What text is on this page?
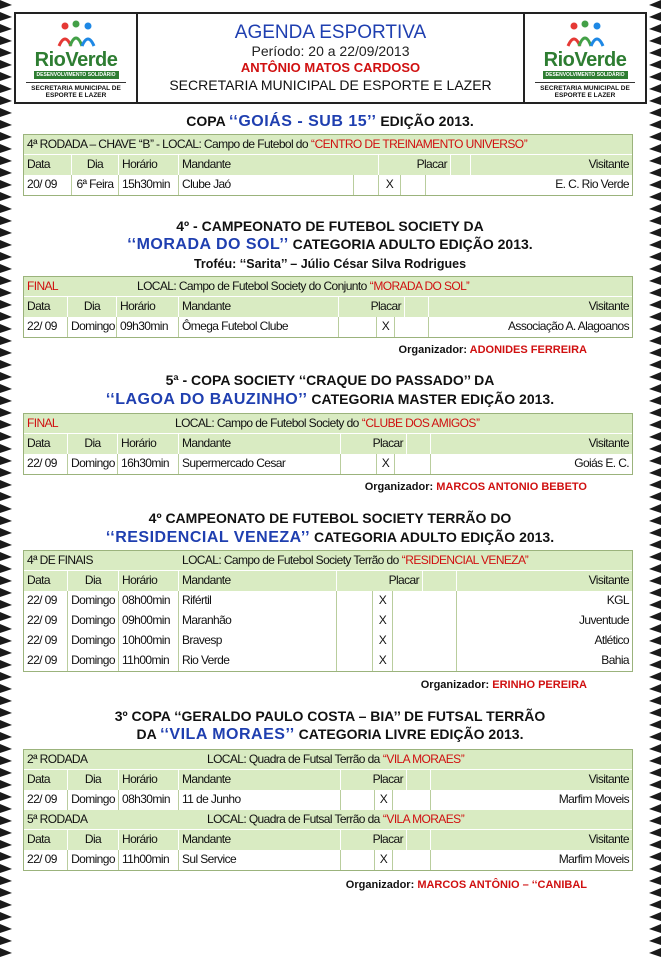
RioVerde
DESENVOLVIMENTO SOLIDÁRIO
SECRETARIA MUNICIPAL DE ESPORTE E LAZER
AGENDA ESPORTIVA
Período: 20 a 22/09/2013
ANTÔNIO MATOS CARDOSO
SECRETARIA MUNICIPAL DE ESPORTE E LAZER
RioVerde
DESENVOLVIMENTO SOLIDÁRIO
SECRETARIA MUNICIPAL DE ESPORTE E LAZER
COPA ‘‘GOIÁS - SUB 15’’ EDIÇÃO 2013.
4ª RODADA – CHAVE ‘‘B’’ - LOCAL: Campo de Futebol do ‘‘CENTRO DE TREINAMENTO UNIVERSO’’
Data	Dia	Horário	Mandante	Placar	Visitante
20/ 09	6ª Feira 15h30min	Clube Jaó	X	E. C. Rio Verde
4º - CAMPEONATO DE FUTEBOL SOCIETY DA
‘‘MORADA DO SOL’’ CATEGORIA ADULTO EDIÇÃO 2013.
Troféu: ‘‘Sarita’’ – Júlio César Silva Rodrigues
FINAL	LOCAL: Campo de Futebol Society do Conjunto ‘‘MORADA DO SOL’’
Data	Dia	Horário	Mandante	Placar	Visitante
22/ 09	Domingo 09h30min	Ômega Futebol Clube	X	Associação A. Alagoanos
Organizador: ADONIDES FERREIRA
5ª - COPA SOCIETY ‘‘CRAQUE DO PASSADO’’ DA
‘‘LAGOA DO BAUZINHO’’ CATEGORIA MASTER EDIÇÃO 2013.
FINAL	LOCAL: Campo de Futebol Society do ‘‘CLUBE DOS AMIGOS’’
Data	Dia	Horário	Mandante	Placar	Visitante
22/ 09	Domingo 16h30min	Supermercado Cesar	X	Goiás E. C.
Organizador: MARCOS ANTONIO BEBETO
4º CAMPEONATO DE FUTEBOL SOCIETY TERRÃO DO
‘‘RESIDENCIAL VENEZA’’ CATEGORIA ADULTO EDIÇÃO 2013.
4ª DE FINAIS	LOCAL: Campo de Futebol Society Terrão do ‘‘RESIDENCIAL VENEZA’’
Data	Dia	Horário	Mandante	Placar	Visitante
22/ 09	Domingo 08h00min	Rifértil	X	KGL
22/ 09	Domingo 09h00min	Maranhão	X	Juventude
22/ 09	Domingo 10h00min	Bravesp	X	Atlético
22/ 09	Domingo 11h00min	Rio Verde	X	Bahia
Organizador: ERINHO PEREIRA
3º COPA ‘‘GERALDO PAULO COSTA – BIA’’ DE FUTSAL TERRÃO
DA ‘‘VILA MORAES’’ CATEGORIA LIVRE EDIÇÃO 2013.
2ª RODADA	LOCAL: Quadra de Futsal Terrão da ‘‘VILA MORAES’’
Data	Dia	Horário	Mandante	Placar	Visitante
22/ 09	Domingo 08h30min	11 de Junho	X	Marfim Moveis
5ª RODADA	LOCAL: Quadra de Futsal Terrão da ‘‘VILA MORAES’’
Data	Dia	Horário	Mandante	Placar	Visitante
22/ 09	Domingo 11h00min	Sul Service	X	Marfim Moveis
Organizador: MARCOS ANTÔNIO – ‘‘CANIBAL
